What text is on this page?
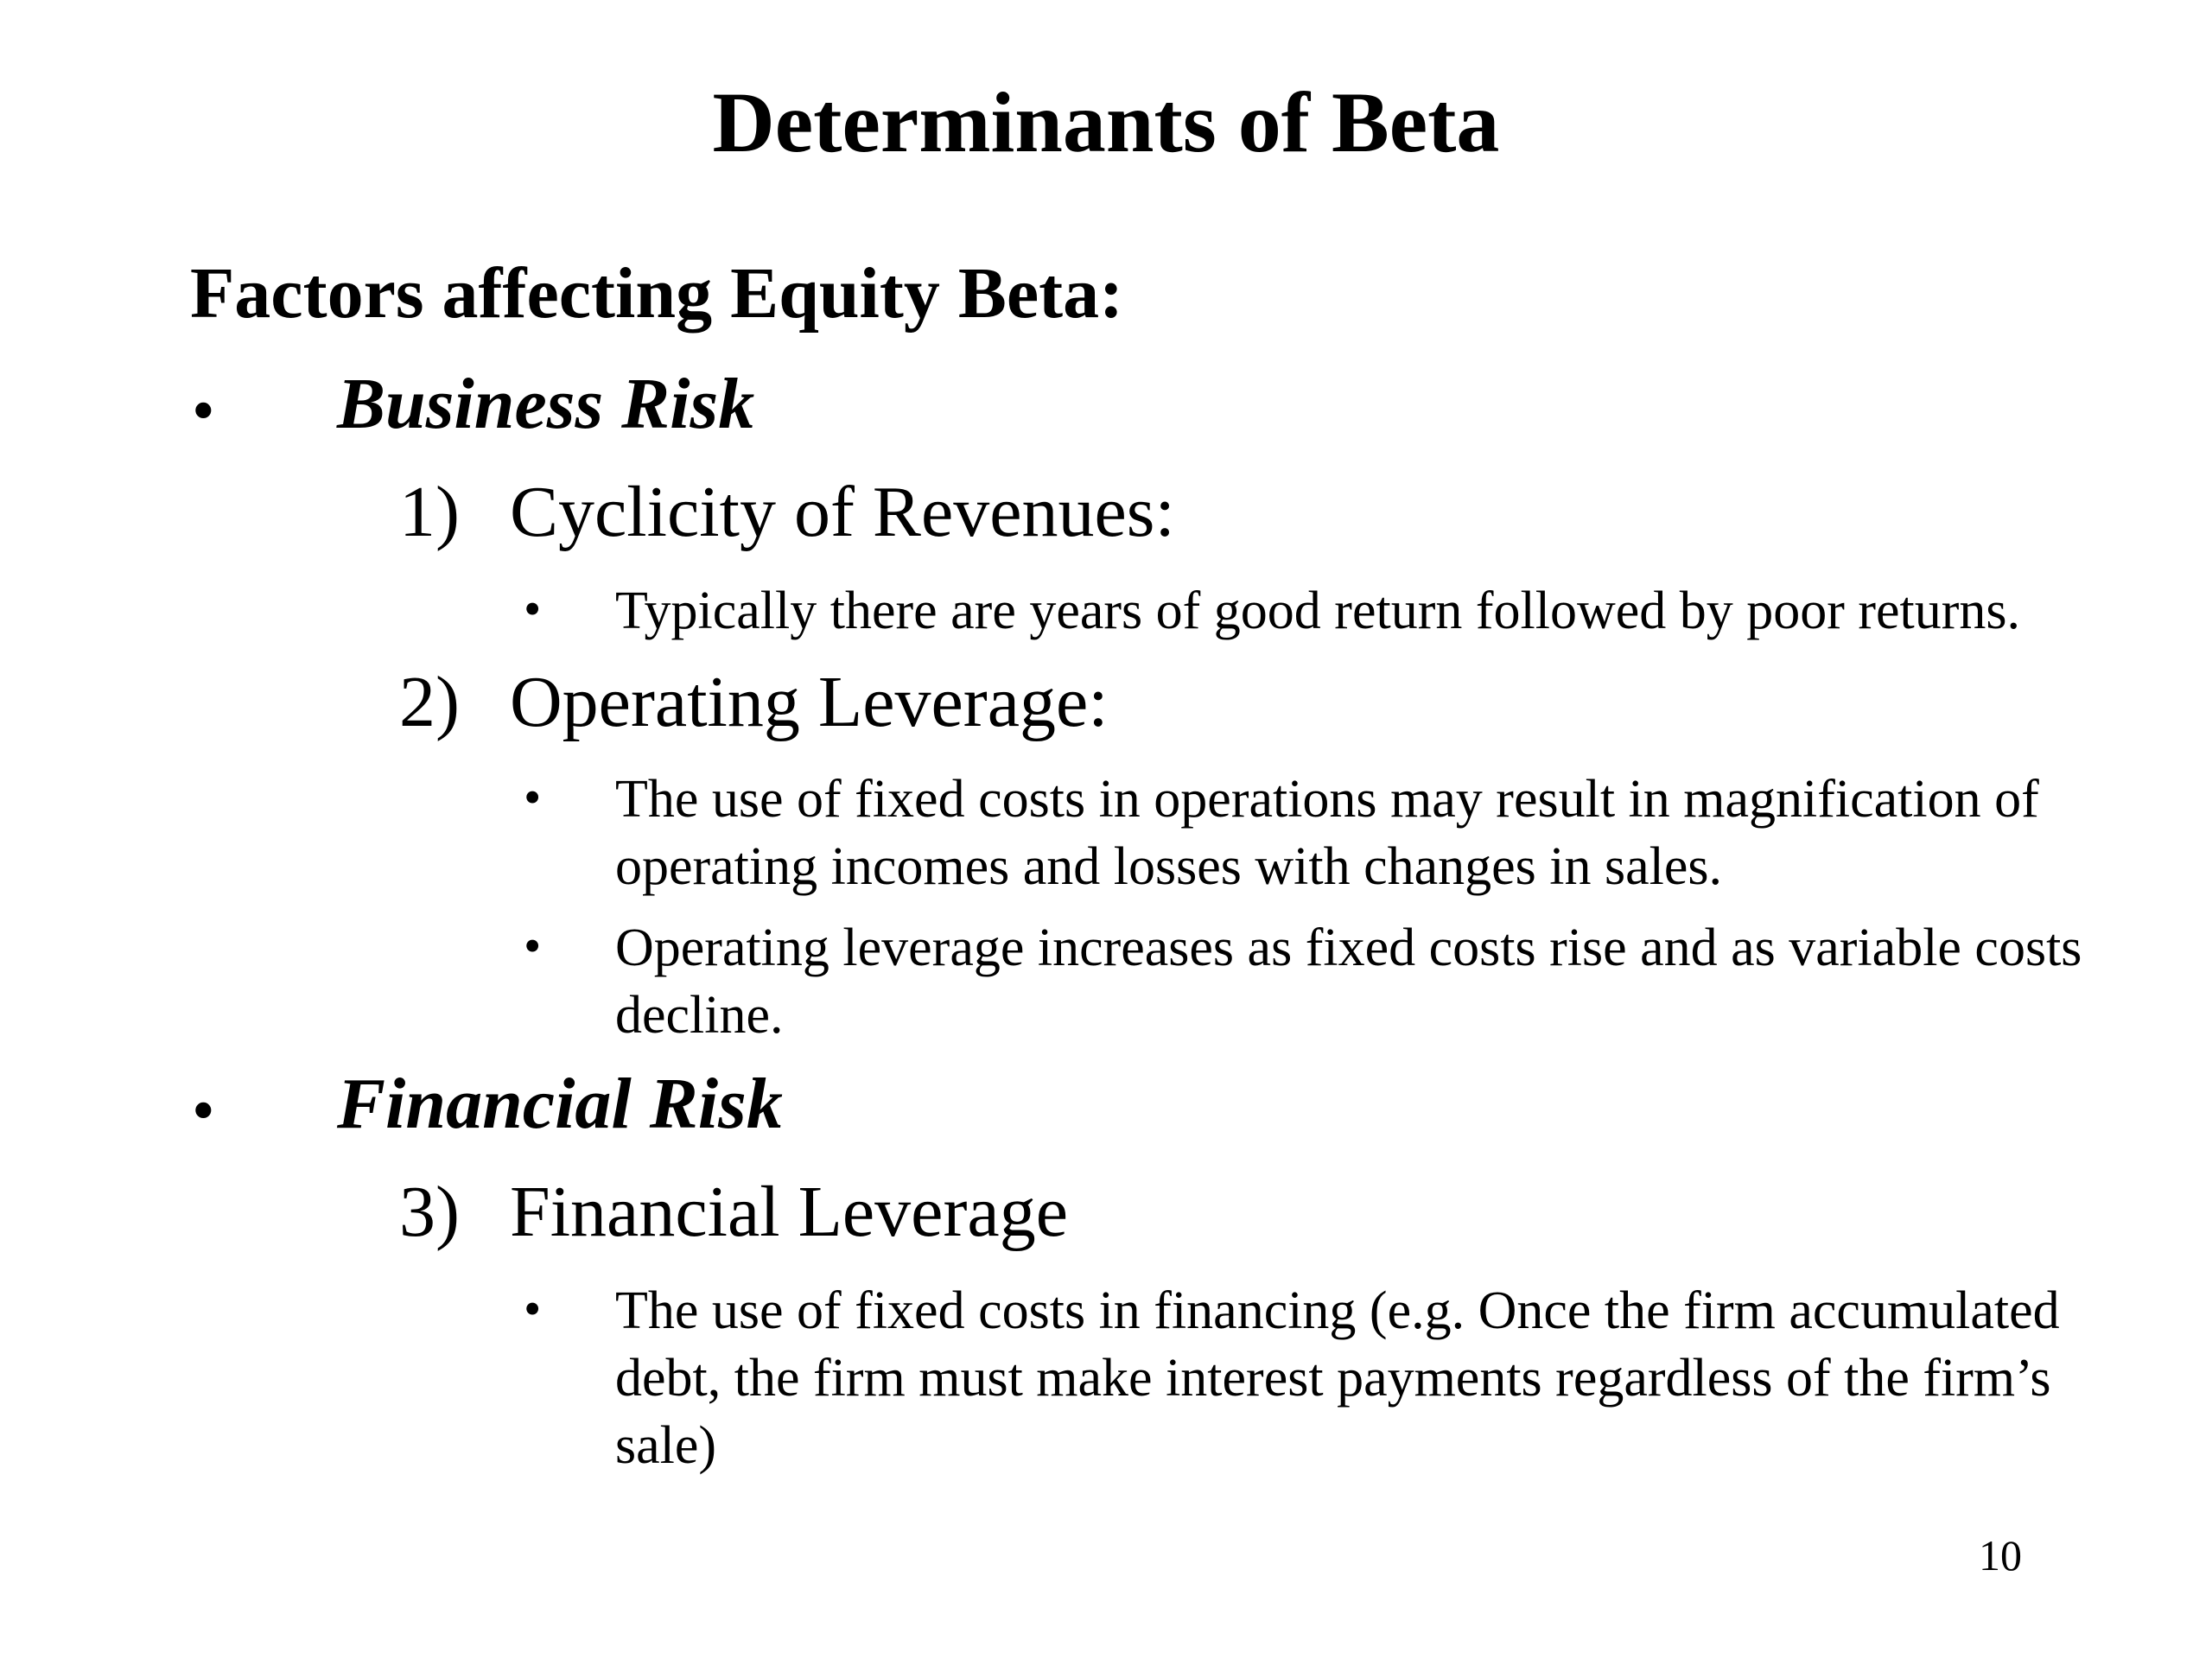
Determinants of Beta
Factors affecting Equity Beta:
• Business Risk
1) Cyclicity of Revenues:
• Typically there are years of good return followed by poor returns.
2) Operating Leverage:
• The use of fixed costs in operations may result in magnification of operating incomes and losses with changes in sales.
• Operating leverage increases as fixed costs rise and as variable costs decline.
• Financial Risk
3) Financial Leverage
• The use of fixed costs in financing (e.g. Once the firm accumulated debt, the firm must make interest payments regardless of the firm’s sale)
10
